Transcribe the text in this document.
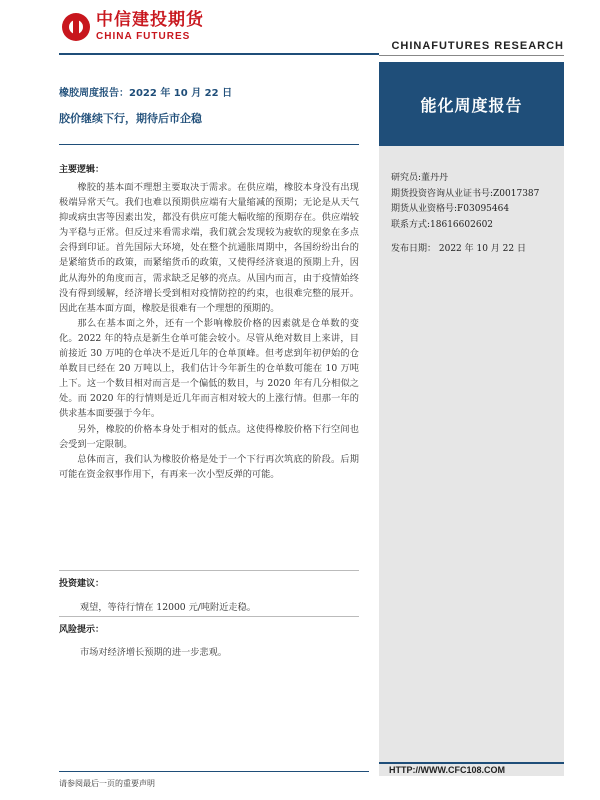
中信建投期货
CHINA FUTURES
CHINAFUTURES RESEARCH
橡胶周度报告：2022 年 10 月 22 日
胶价继续下行，期待后市企稳
主要逻辑：

橡胶的基本面不理想主要取决于需求。在供应端，橡胶本身没有出现极端异常天气。我们也难以预期供应端有大量缩减的预期；无论是从天气抑或病虫害等因素出发，都没有供应可能大幅收缩的预期存在。供应端较为平稳与正常。但反过来看需求端，我们就会发现较为疲软的现象在多点会得到印证。首先国际大环境，处在整个抗通胀周期中，各国纷纷出台的是紧缩货币的政策，而紧缩货币的政策，又使得经济衰退的预期上升，因此从海外的角度而言，需求缺乏足够的亮点。从国内而言，由于疫情始终没有得到缓解，经济增长受到相对疫情防控的约束，也很难完整的展开。因此在基本面方面，橡胶是很难有一个理想的预期的。

那么在基本面之外，还有一个影响橡胶价格的因素就是仓单数的变化。2022 年的特点是新生仓单可能会较小。尽管从绝对数目上来讲，目前接近 30 万吨的仓单决不是近几年的仓单顶峰。但考虑到年初伊始的仓单数目已经在 20 万吨以上，我们估计今年新生的仓单数可能在 10 万吨上下。这一个数目相对而言是一个偏低的数目，与 2020 年有几分相似之处。而 2020 年的行情则是近几年而言相对较大的上涨行情。但那一年的供求基本面要强于今年。

另外，橡胶的价格本身处于相对的低点。这使得橡胶价格下行空间也会受到一定限制。

总体而言，我们认为橡胶价格是处于一个下行再次筑底的阶段。后期可能在资金叙事作用下，有再来一次小型反弹的可能。

投资建议：
观望，等待行情在 12000 元/吨附近走稳。
风险提示：
市场对经济增长预期的进一步悲观。
能化周度报告
研究员:董丹丹
期货投资咨询从业证书号:Z0017387
期货从业资格号:F03095464
联系方式:18616602602
发布日期： 2022 年 10 月 22 日
HTTP://WWW.CFC108.COM
请参阅最后一页的重要声明
